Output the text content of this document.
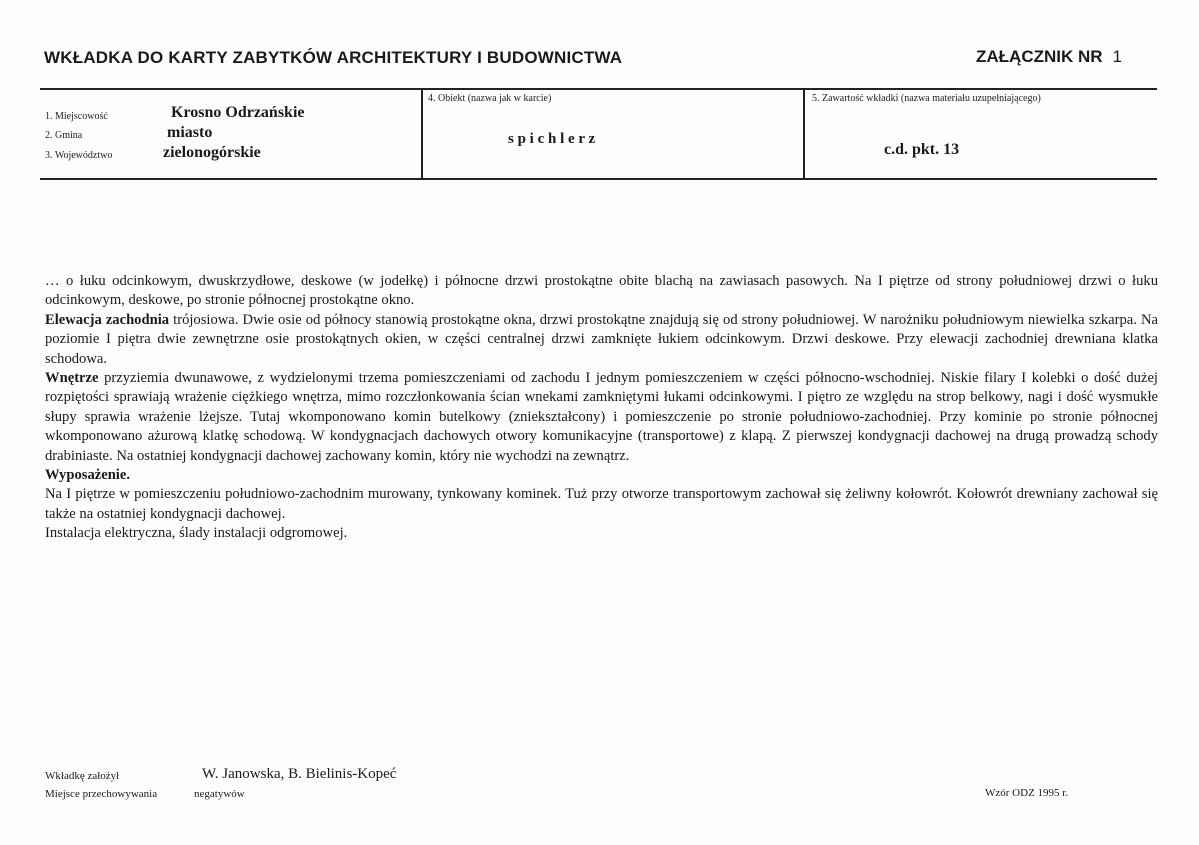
WKŁADKA DO KARTY ZABYTKÓW ARCHITEKTURY I BUDOWNICTWA	ZAŁĄCZNIK NR 1
1. Miejscowość	Krosno Odrzańskie
2. Gmina	miasto
3. Województwo	zielonogórskie
4. Obiekt (nazwa jak w karcie)
s p i c h l e r z
5. Zawartość wkładki (nazwa materiału uzupełniającego)
c.d. pkt. 13

… o łuku odcinkowym, dwuskrzydłowe, deskowe (w jodełkę) i północne drzwi prostokątne obite blachą na zawiasach pasowych. Na I piętrze od strony południowej drzwi o łuku odcinkowym, deskowe, po stronie północnej prostokątne okno.

Elewacja zachodnia trójosiowa. Dwie osie od północy stanowią prostokątne okna, drzwi prostokątne znajdują się od strony południowej. W narożniku południowym niewielka szkarpa. Na poziomie I piętra dwie zewnętrzne osie prostokątnych okien, w części centralnej drzwi zamknięte łukiem odcinkowym. Drzwi deskowe. Przy elewacji zachodniej drewniana klatka schodowa.

Wnętrze przyziemia dwunawowe, z wydzielonymi trzema pomieszczeniami od zachodu I jednym pomieszczeniem w części północno-wschodniej. Niskie filary I kolebki o dość dużej rozpiętości sprawiają wrażenie ciężkiego wnętrza, mimo rozczłonkowania ścian wnekami zamkniętymi łukami odcinkowymi. I piętro ze względu na strop belkowy, nagi i dość wysmukłe słupy sprawia wrażenie lżejsze. Tutaj wkomponowano komin butelkowy (zniekształcony) i pomieszczenie po stronie południowo-zachodniej. Przy kominie po stronie północnej wkomponowano ażurową klatkę schodową. W kondygnacjach dachowych otwory komunikacyjne (transportowe) z klapą. Z pierwszej kondygnacji dachowej na drugą prowadzą schody drabiniaste. Na ostatniej kondygnacji dachowej zachowany komin, który nie wychodzi na zewnątrz.

Wyposażenie.

Na I piętrze w pomieszczeniu południowo-zachodnim murowany, tynkowany kominek. Tuż przy otworze transportowym zachował się żeliwny kołowrót. Kołowrót drewniany zachował się także na ostatniej kondygnacji dachowej.

Instalacja elektryczna, ślady instalacji odgromowej.

Wkładkę założył	W. Janowska, B. Bielinis-Kopeć
Miejsce przechowywania	negatywów	Wzór ODZ 1995 r.
